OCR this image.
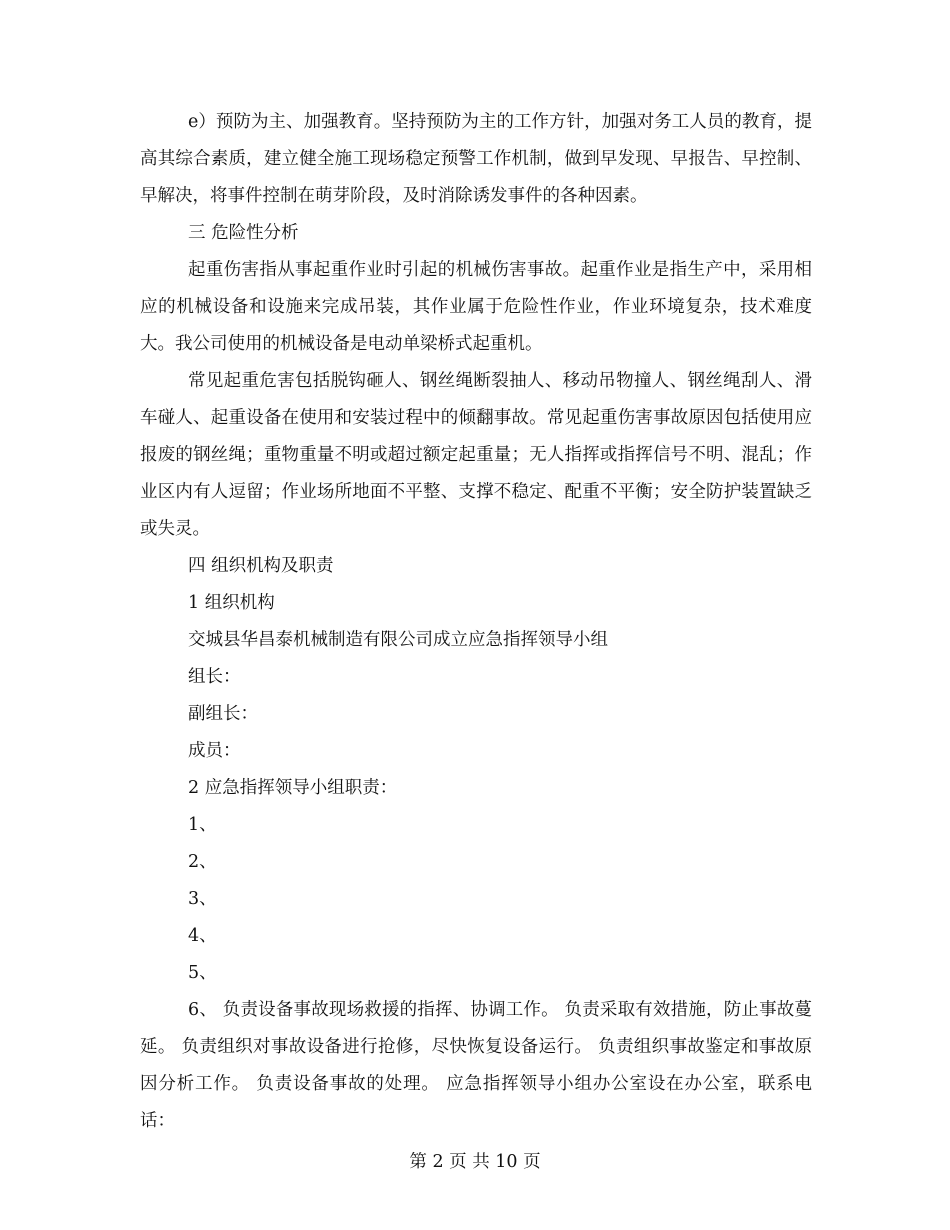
e）预防为主、加强教育。坚持预防为主的工作方针，加强对务工人员的教育，提高其综合素质，建立健全施工现场稳定预警工作机制，做到早发现、早报告、早控制、早解决，将事件控制在萌芽阶段，及时消除诱发事件的各种因素。

三 危险性分析

起重伤害指从事起重作业时引起的机械伤害事故。起重作业是指生产中，采用相应的机械设备和设施来完成吊装，其作业属于危险性作业，作业环境复杂，技术难度大。我公司使用的机械设备是电动单梁桥式起重机。

常见起重危害包括脱钩砸人、钢丝绳断裂抽人、移动吊物撞人、钢丝绳刮人、滑车碰人、起重设备在使用和安装过程中的倾翻事故。常见起重伤害事故原因包括使用应报废的钢丝绳；重物重量不明或超过额定起重量；无人指挥或指挥信号不明、混乱；作业区内有人逗留；作业场所地面不平整、支撑不稳定、配重不平衡；安全防护装置缺乏或失灵。

四 组织机构及职责

1 组织机构

交城县华昌泰机械制造有限公司成立应急指挥领导小组

组长：

副组长：

成员：

2 应急指挥领导小组职责：

1、

2、

3、

4、

5、

6、 负责设备事故现场救援的指挥、协调工作。 负责采取有效措施，防止事故蔓延。 负责组织对事故设备进行抢修，尽快恢复设备运行。 负责组织事故鉴定和事故原因分析工作。 负责设备事故的处理。 应急指挥领导小组办公室设在办公室，联系电话：

第 2 页 共 10 页
